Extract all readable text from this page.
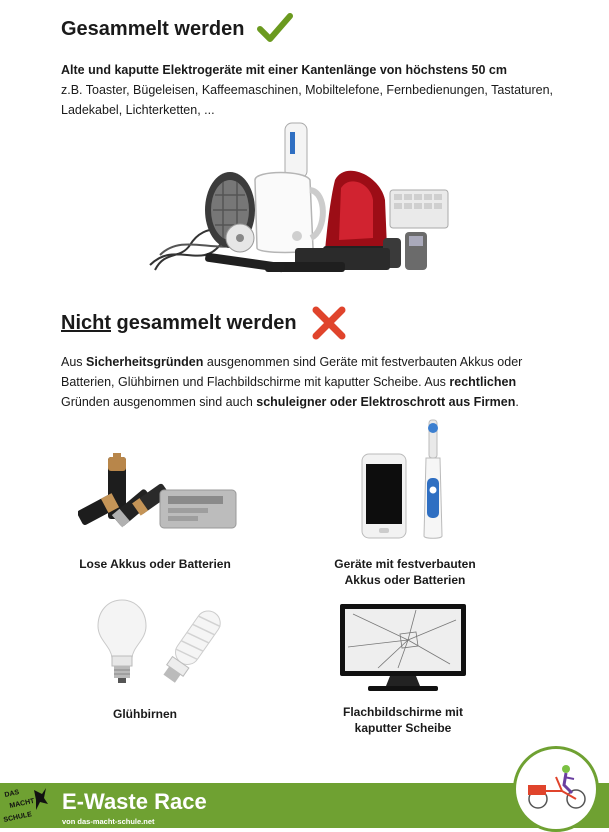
Gesammelt werden
Alte und kaputte Elektrogeräte mit einer Kantenlänge von höchstens 50 cm
z.B. Toaster, Bügeleisen, Kaffeemaschinen, Mobiltelefone, Fernbedienungen, Tastaturen,
Ladekabel, Lichterketten, ...
Nicht gesammelt werden
Aus Sicherheitsgründen ausgenommen sind Geräte mit festverbauten Akkus oder
Batterien, Glühbirnen und Flachbildschirme mit kaputter Scheibe. Aus rechtlichen
Gründen ausgenommen sind auch schuleigner oder Elektroschrott aus Firmen.
Lose Akkus oder Batterien	Geräte mit festverbauten
Akkus oder Batterien
Glühbirnen	Flachbildschirme mit
kaputter Scheibe
DAS
MACHT
SCHULE
E-Waste Race
von das-macht-schule.net
